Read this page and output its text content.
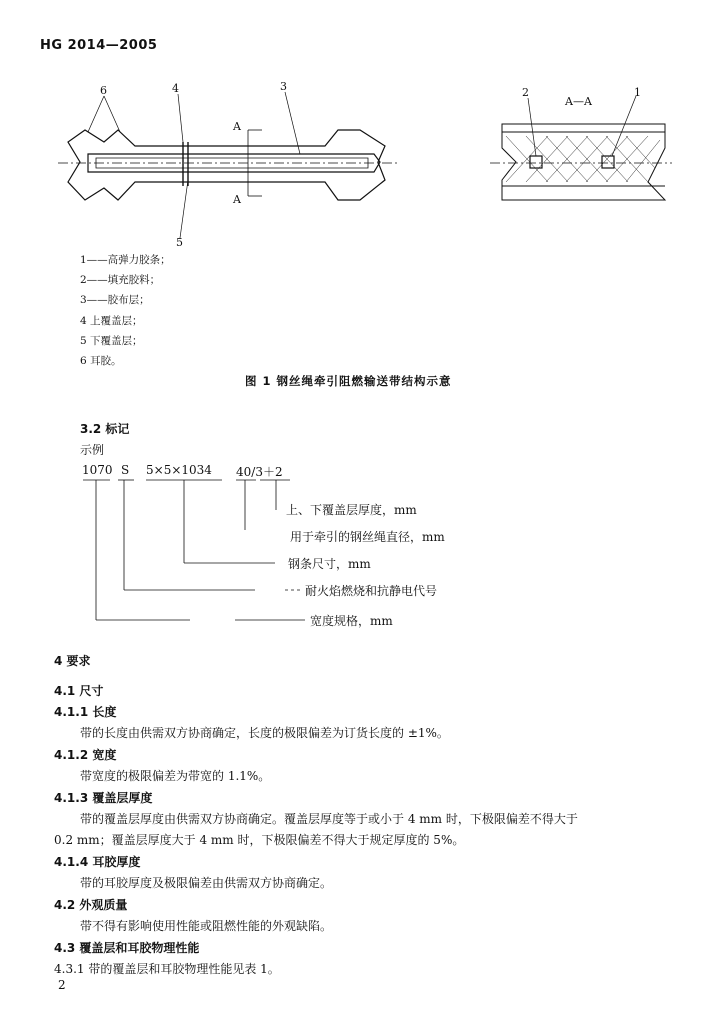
HG 2014—2005
6	4	3
5
A
A
2
A—A
1
1——高弹力胶条；
2——填充胶料；
3——胶布层；
4 上覆盖层；
5 下覆盖层；
6 耳胶。
图 1 钢丝绳牵引阻燃输送带结构示意
3.2 标记
示例
1070 S 5×5×1034 40/3＋2
上、下覆盖层厚度，mm
用于牵引的钢丝绳直径，mm
钢条尺寸，mm
耐火焰燃烧和抗静电代号
宽度规格，mm
4 要求
4.1 尺寸
4.1.1 长度
带的长度由供需双方协商确定，长度的极限偏差为订货长度的 ±1%。
4.1.2 宽度
带宽度的极限偏差为带宽的 1.1%。
4.1.3 覆盖层厚度
带的覆盖层厚度由供需双方协商确定。覆盖层厚度等于或小于 4 mm 时，下极限偏差不得大于
0.2 mm；覆盖层厚度大于 4 mm 时，下极限偏差不得大于规定厚度的 5%。
4.1.4 耳胶厚度
带的耳胶厚度及极限偏差由供需双方协商确定。
4.2 外观质量
带不得有影响使用性能或阻燃性能的外观缺陷。
4.3 覆盖层和耳胶物理性能
4.3.1 带的覆盖层和耳胶物理性能见表 1。
2
